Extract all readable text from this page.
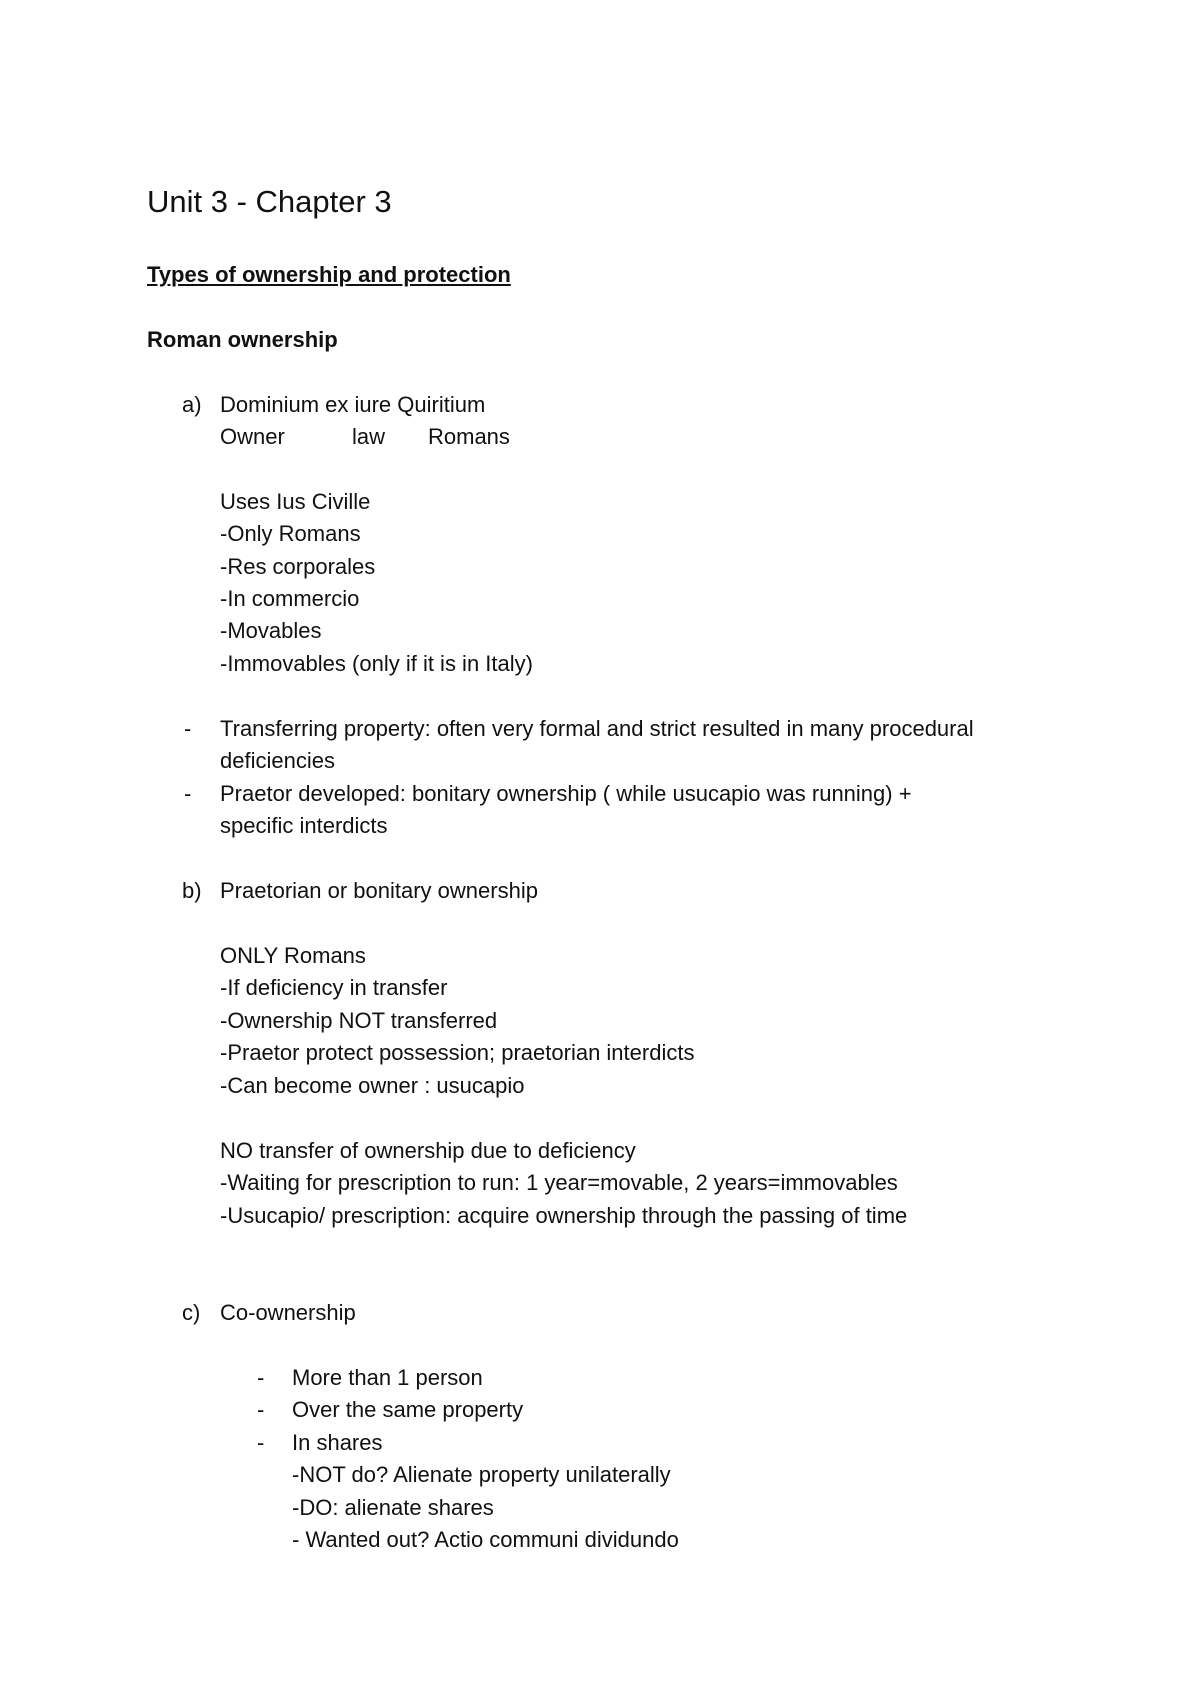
Unit 3 - Chapter 3
Types of ownership and protection
Roman ownership
a) Dominium ex iure Quiritium
Owner	law Romans
Uses Ius Civille
-Only Romans
-Res corporales
-In commercio
-Movables
-Immovables (only if it is in Italy)
- Transferring property: often very formal and strict resulted in many procedural
deficiencies
- Praetor developed: bonitary ownership ( while usucapio was running) +
specific interdicts
b) Praetorian or bonitary ownership
ONLY Romans
-If deficiency in transfer
-Ownership NOT transferred
-Praetor protect possession; praetorian interdicts
-Can become owner : usucapio
NO transfer of ownership due to deficiency
-Waiting for prescription to run: 1 year=movable, 2 years=immovables
-Usucapio/ prescription: acquire ownership through the passing of time
c) Co-ownership
- More than 1 person
- Over the same property
- In shares
-NOT do? Alienate property unilaterally
-DO: alienate shares
- Wanted out? Actio communi dividundo
